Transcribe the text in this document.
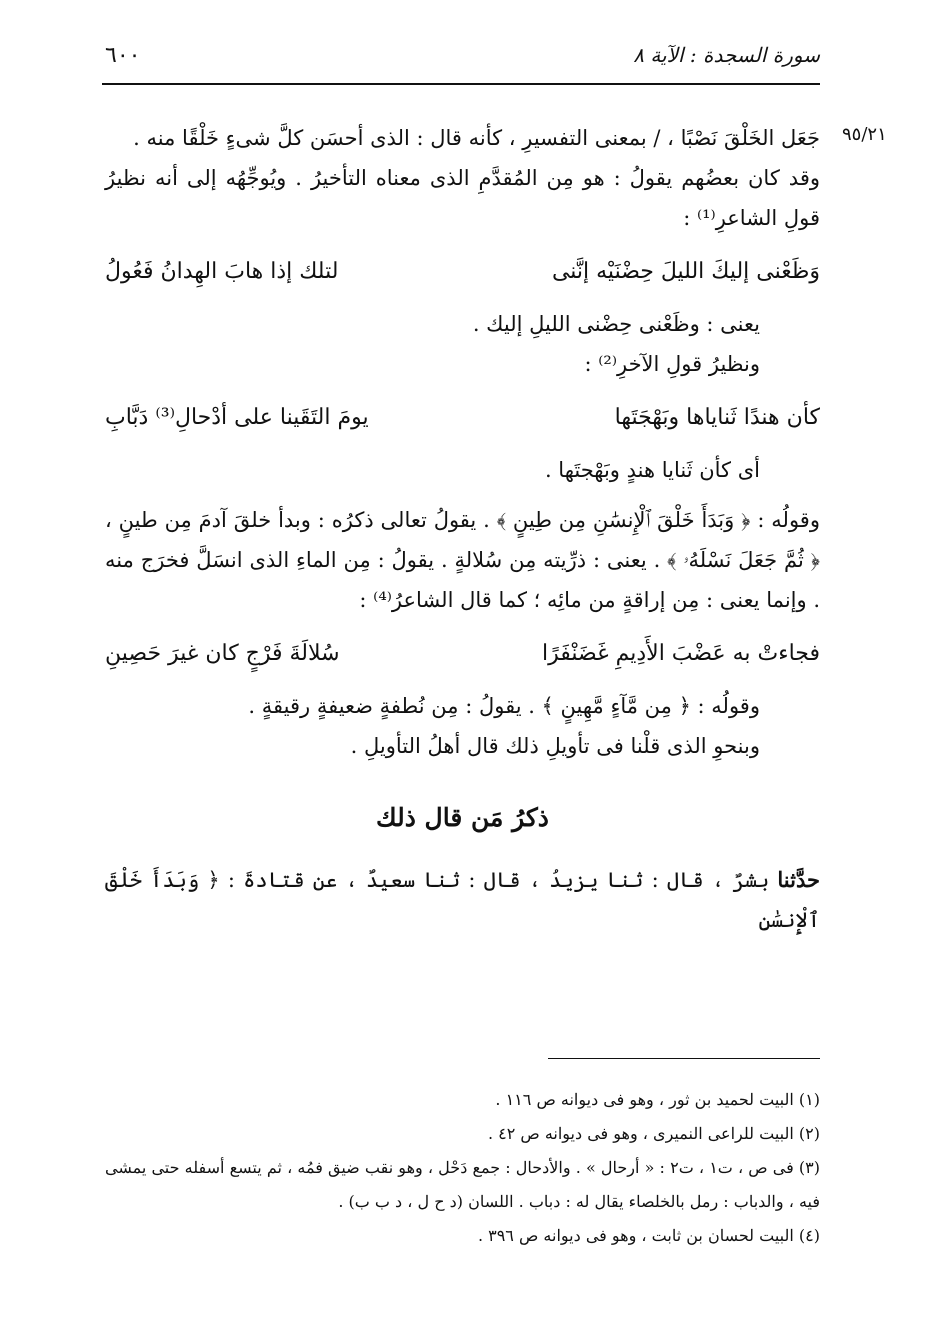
٦٠٠	سورة السجدة : الآية ٨
٩٥/٢١

جَعَل الخَلْقَ نَصْبًا ، / بمعنى التفسيرِ ، كأنه قال : الذى أحسَن كلَّ شىءٍ خَلْقًا منه .

وقد كان بعضُهم يقولُ : هو مِن المُقدَّمِ الذى معناه التأخيرُ . ويُوجِّهُه إلى أنه نظيرُ قولِ الشاعرِ⁽¹⁾ :

وَظَعْنى إليكَ الليلَ حِضْنَيْه إنَّنى
لتلك إذا هابَ الهِدانُ فَعُولُ

يعنى : وظَعْنى حِضْنى الليلِ إليك .

ونظيرُ قولِ الآخرِ⁽²⁾ :

كأن هندًا ثَناياها وبَهْجَتَها
يومَ التَقَينا على أدْحالِ⁽³⁾ دَبَّابِ

أى كأن ثَنايا هندٍ وبَهْجتَها .

وقولُه : ﴿ وَبَدَأَ خَلْقَ ٱلْإِنسَٰنِ مِن طِينٍ ﴾ . يقولُ تعالى ذكرُه : وبدأ خلقَ آدمَ مِن طينٍ ، ﴿ ثُمَّ جَعَلَ نَسْلَهُۥ ﴾ . يعنى : ذرِّيته مِن سُلالةٍ . يقولُ : مِن الماءِ الذى انسَلَّ فخرَج منه . وإنما يعنى : مِن إراقةٍ من مائِه ؛ كما قال الشاعرُ⁽⁴⁾ :

فجاءتْ به عَضْبَ الأَدِيمِ غَضَنْفَرًا
سُلالَةَ فَرْجٍ كان غيرَ حَصِينِ

وقولُه : ﴿ مِن مَّآءٍ مَّهِينٍ ﴾ . يقولُ : مِن نُطفةٍ ضعيفةٍ رقيقةٍ .

وبنحوِ الذى قلْنا فى تأويلِ ذلك قال أهلُ التأويلِ .

ذكرُ مَن قال ذلك

حدَّثنا بشرٌ ، قال : ثنا يزيدُ ، قال : ثنا سعيدٌ ، عن قتادةَ : ﴿ وَبَدَأَ خَلْقَ ٱلْإِنسَٰنِ

(١) البيت لحميد بن ثور ، وهو فى ديوانه ص ١١٦ .

(٢) البيت للراعى النميرى ، وهو فى ديوانه ص ٤٢ .

(٣) فى ص ، ت١ ، ت٢ : « أرحال » . والأدحال : جمع دَحْل ، وهو نقب ضيق فمُه ، ثم يتسع أسفله حتى يمشى فيه ، والدباب : رمل بالخلصاء يقال له : دباب . اللسان (د ح ل ، د ب ب) .

(٤) البيت لحسان بن ثابت ، وهو فى ديوانه ص ٣٩٦ .
